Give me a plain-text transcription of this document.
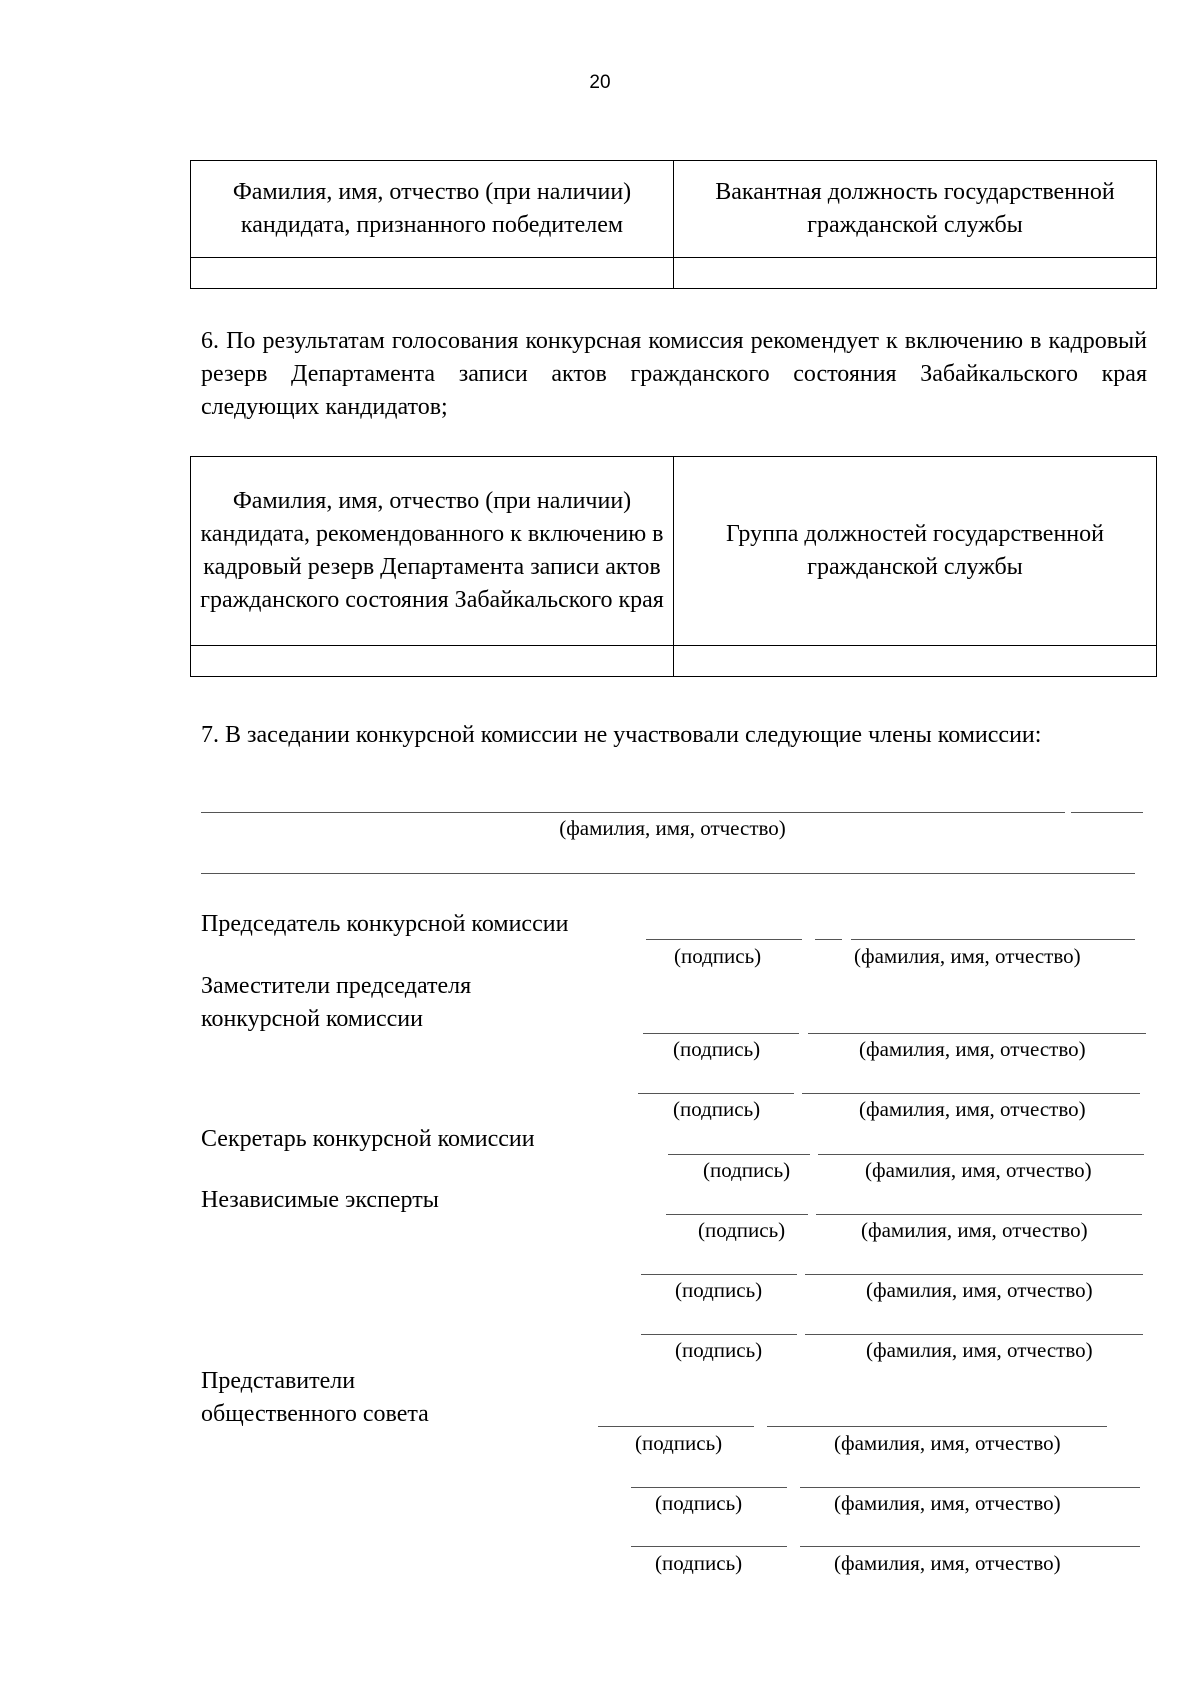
20
Фамилия, имя, отчество (при наличии) кандидата, признанного победителем	Вакантная должность государственной гражданской службы

6. По результатам голосования конкурсная комиссия рекомендует к включению в кадровый резерв Департамента записи актов гражданского состояния Забайкальского края следующих кандидатов;
Фамилия, имя, отчество (при наличии) кандидата, рекомендованного к включению в кадровый резерв Департамента записи актов гражданского состояния Забайкальского края	Группа должностей государственной гражданской службы

7. В заседании конкурсной комиссии не участвовали следующие члены комиссии:
(фамилия, имя, отчество)
Председатель конкурсной комиссии
(подпись)	(фамилия, имя, отчество)
Заместители председателя
конкурсной комиссии
(подпись)	(фамилия, имя, отчество)
(подпись)	(фамилия, имя, отчество)
Секретарь конкурсной комиссии
(подпись)	(фамилия, имя, отчество)
Независимые эксперты
(подпись)	(фамилия, имя, отчество)
(подпись)	(фамилия, имя, отчество)
(подпись)	(фамилия, имя, отчество)
Представители
общественного совета
(подпись)	(фамилия, имя, отчество)
(подпись)	(фамилия, имя, отчество)
(подпись)	(фамилия, имя, отчество)
